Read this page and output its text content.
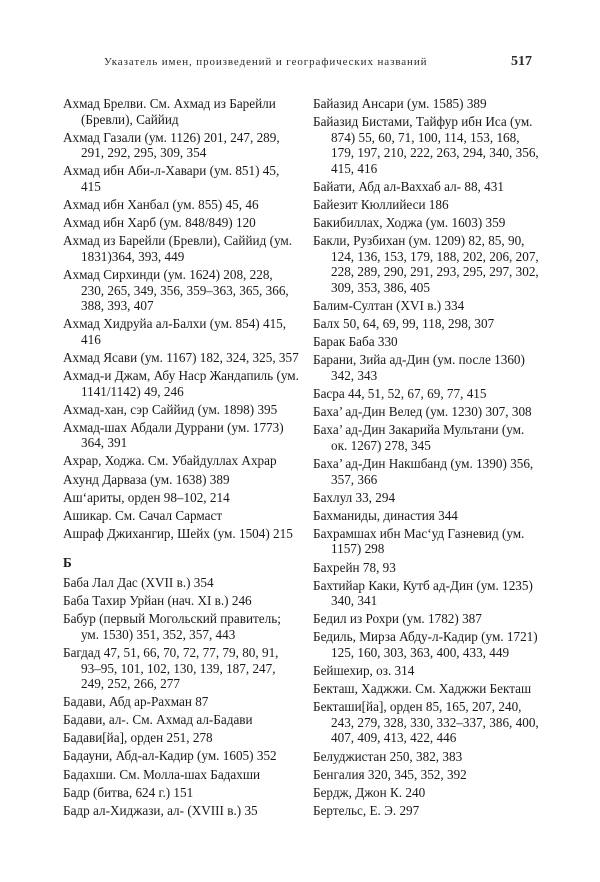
Указатель имен, произведений и географических названий	517
Ахмад Брелви. См. Ахмад из Барейли (Бревли), Саййид
Ахмад Газали (ум. 1126) 201, 247, 289, 291, 292, 295, 309, 354
Ахмад ибн Аби-л-Хавари (ум. 851) 45, 415
Ахмад ибн Ханбал (ум. 855) 45, 46
Ахмад ибн Харб (ум. 848/849) 120
Ахмад из Барейли (Бревли), Саййид (ум. 1831)364, 393, 449
Ахмад Сирхинди (ум. 1624) 208, 228, 230, 265, 349, 356, 359–363, 365, 366, 388, 393, 407
Ахмад Хидруйа ал-Балхи (ум. 854) 415, 416
Ахмад Ясави (ум. 1167) 182, 324, 325, 357
Ахмад-и Джам, Абу Наср Жандапиль (ум. 1141/1142) 49, 246
Ахмад-хан, сэр Саййид (ум. 1898) 395
Ахмад-шах Абдали Дуррани (ум. 1773) 364, 391
Ахрар, Ходжа. См. Убайдуллах Ахрар
Ахунд Дарваза (ум. 1638) 389
Аш‘ариты, орден 98–102, 214
Ашикар. См. Сачал Сармаст
Ашраф Джихангир, Шейх (ум. 1504) 215
Б
Баба Лал Дас (XVII в.) 354
Баба Тахир Урйан (нач. XI в.) 246
Бабур (первый Могольский правитель; ум. 1530) 351, 352, 357, 443
Багдад 47, 51, 66, 70, 72, 77, 79, 80, 91, 93–95, 101, 102, 130, 139, 187, 247, 249, 252, 266, 277
Бадави, Абд ар-Рахман 87
Бадави, ал-. См. Ахмад ал-Бадави
Бадави[йа], орден 251, 278
Бадауни, Абд-ал-Кадир (ум. 1605) 352
Бадахши. См. Молла-шах Бадахши
Бадр (битва, 624 г.) 151
Бадр ал-Хиджази, ал- (XVIII в.) 35
Байазид Ансари (ум. 1585) 389
Байазид Бистами, Тайфур ибн Иса (ум. 874) 55, 60, 71, 100, 114, 153, 168, 179, 197, 210, 222, 263, 294, 340, 356, 415, 416
Байати, Абд ал-Ваххаб ал- 88, 431
Байезит Кюллийеси 186
Бакибиллах, Ходжа (ум. 1603) 359
Бакли, Рузбихан (ум. 1209) 82, 85, 90, 124, 136, 153, 179, 188, 202, 206, 207, 228, 289, 290, 291, 293, 295, 297, 302, 309, 353, 386, 405
Балим-Султан (XVI в.) 334
Балх 50, 64, 69, 99, 118, 298, 307
Барак Баба 330
Барани, Зийа ад-Дин (ум. после 1360) 342, 343
Басра 44, 51, 52, 67, 69, 77, 415
Баха’ ад-Дин Велед (ум. 1230) 307, 308
Баха’ ад-Дин Закарийа Мультани (ум. ок. 1267) 278, 345
Баха’ ад-Дин Накшбанд (ум. 1390) 356, 357, 366
Бахлул 33, 294
Бахманиды, династия 344
Бахрамшах ибн Мас‘уд Газневид (ум. 1157) 298
Бахрейн 78, 93
Бахтийар Каки, Кутб ад-Дин (ум. 1235) 340, 341
Бедил из Рохри (ум. 1782) 387
Бедиль, Мирза Абду-л-Кадир (ум. 1721) 125, 160, 303, 363, 400, 433, 449
Бейшехир, оз. 314
Бекташ, Хаджжи. См. Хаджжи Бекташ
Бекташи[йа], орден 85, 165, 207, 240, 243, 279, 328, 330, 332–337, 386, 400, 407, 409, 413, 422, 446
Белуджистан 250, 382, 383
Бенгалия 320, 345, 352, 392
Бердж, Джон К. 240
Бертельс, Е. Э. 297
